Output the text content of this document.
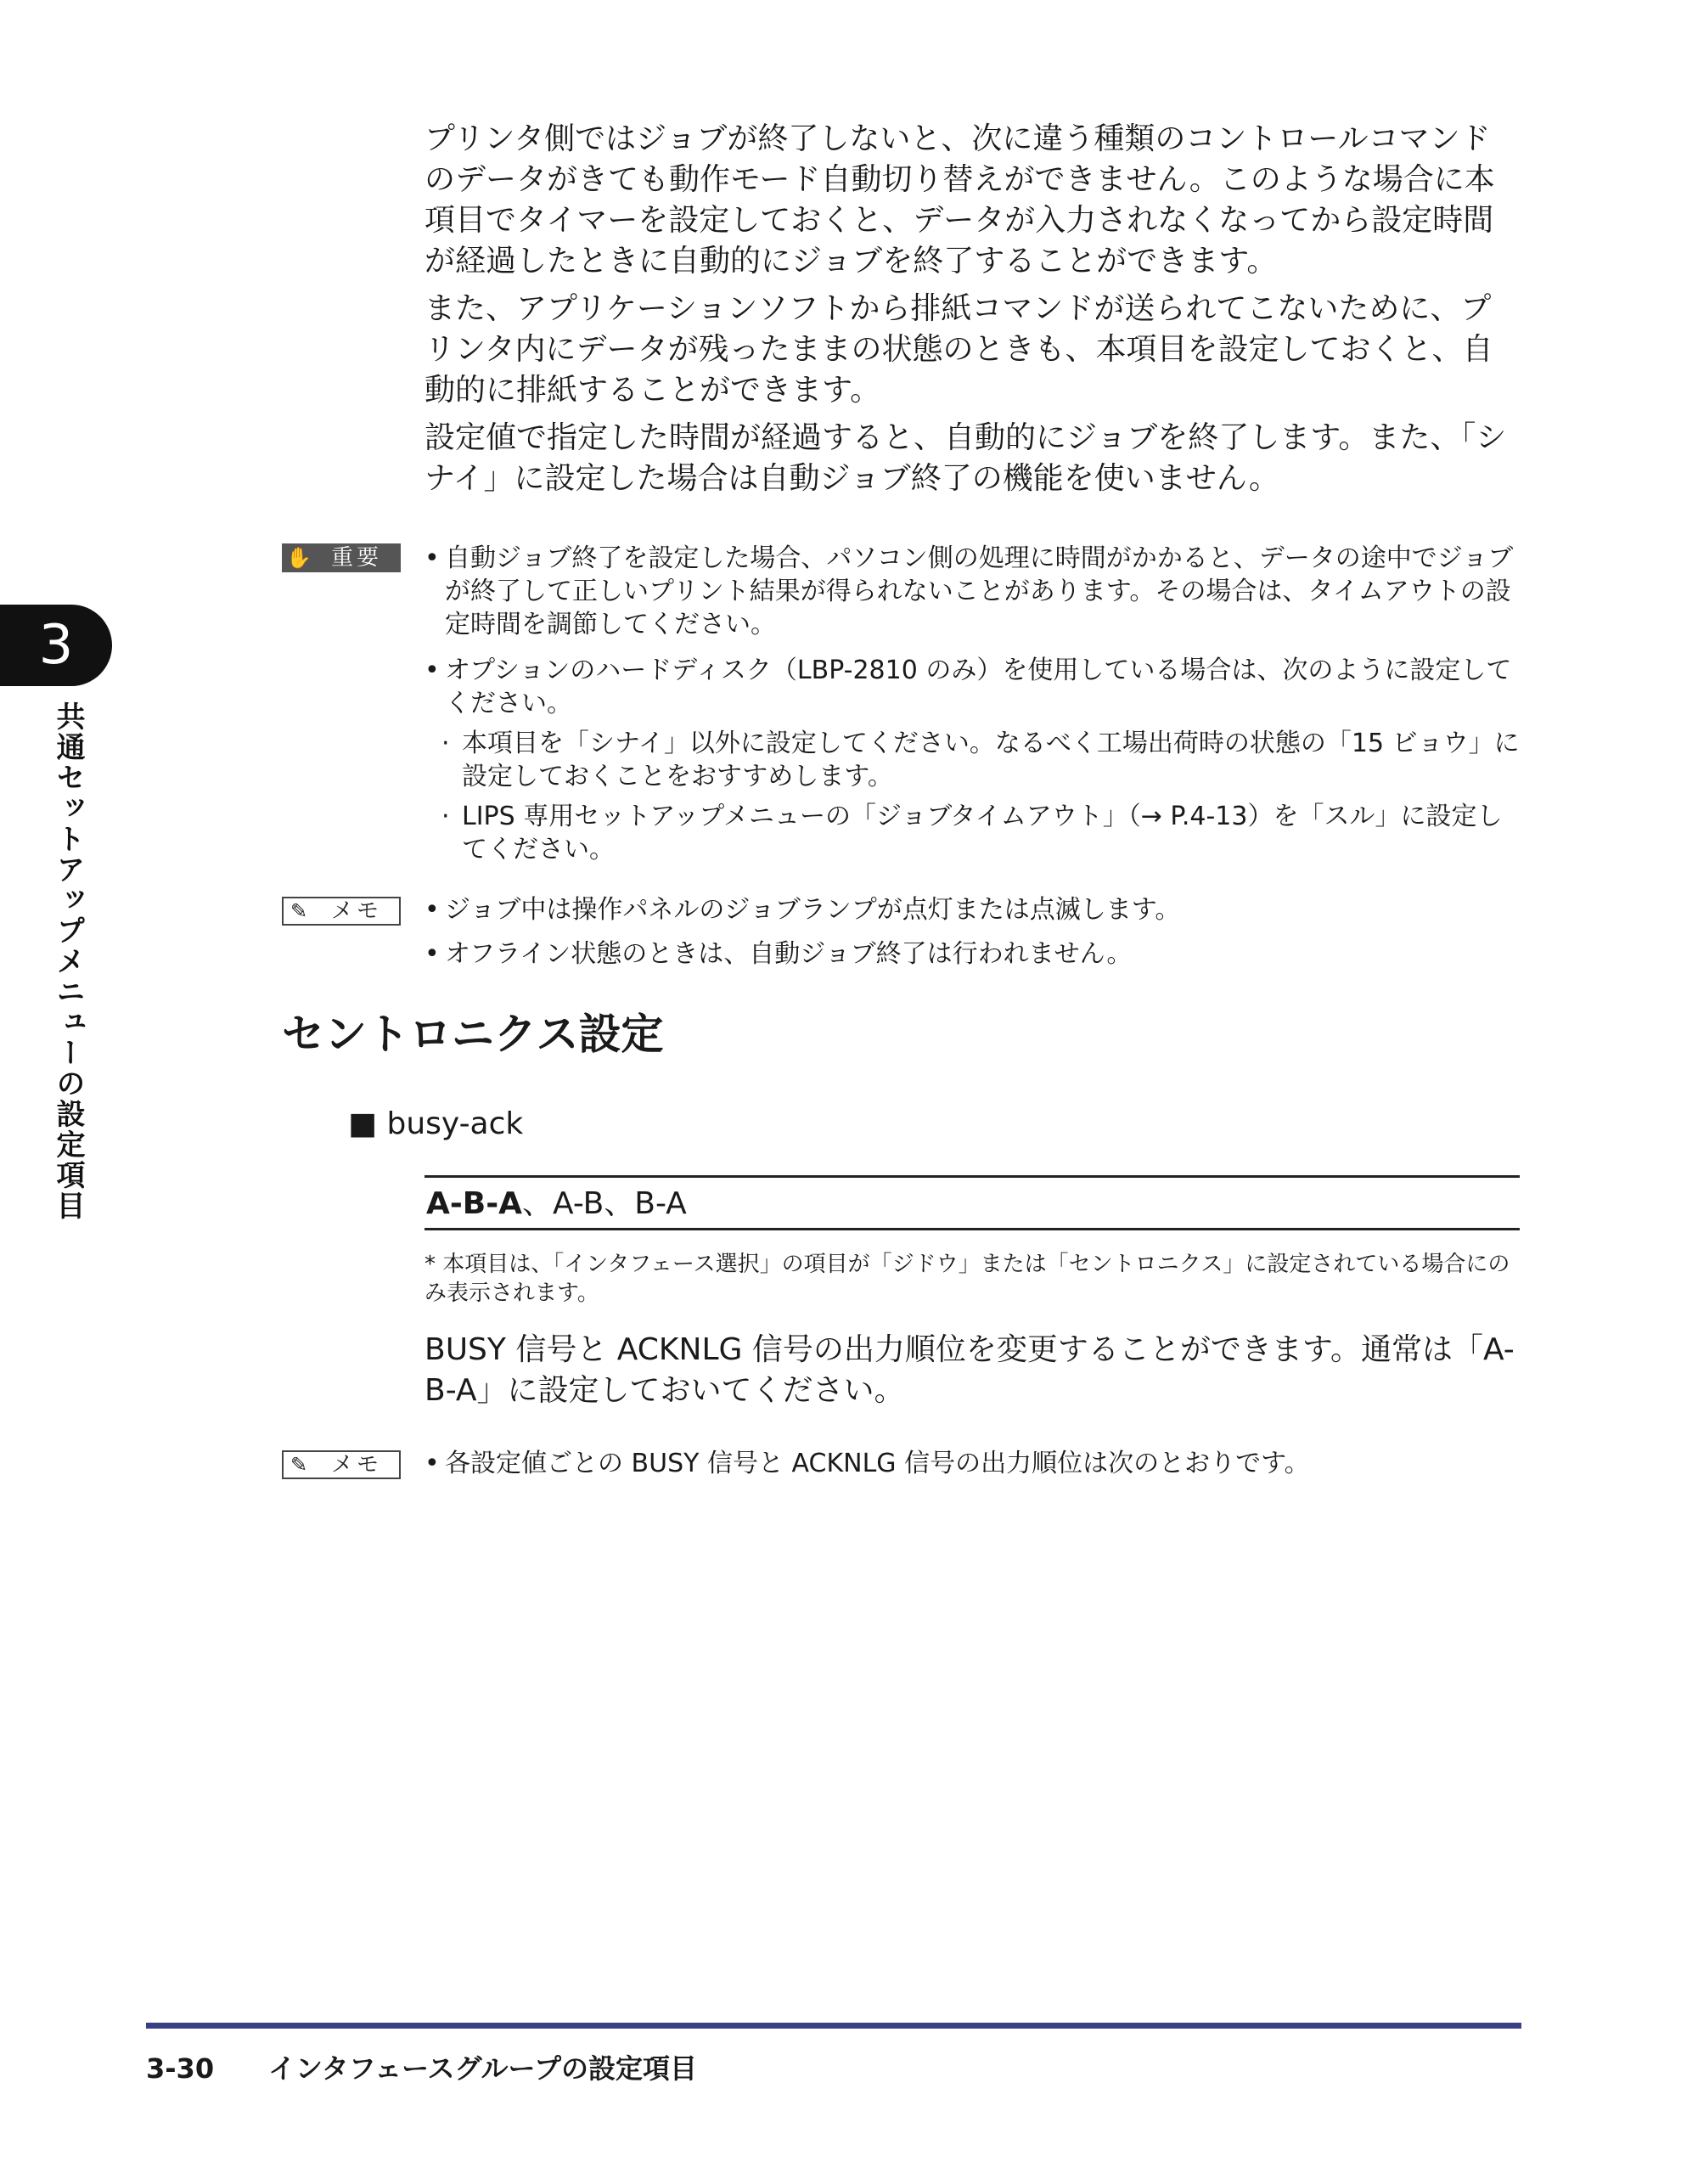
プリンタ側ではジョブが終了しないと、次に違う種類のコントロールコマンドのデータがきても動作モード自動切り替えができません。このような場合に本項目でタイマーを設定しておくと、データが入力されなくなってから設定時間が経過したときに自動的にジョブを終了することができます。

また、アプリケーションソフトから排紙コマンドが送られてこないために、プリンタ内にデータが残ったままの状態のときも、本項目を設定しておくと、自動的に排紙することができます。

設定値で指定した時間が経過すると、自動的にジョブを終了します。また、「シナイ」に設定した場合は自動ジョブ終了の機能を使いません。

✋ 重要	• 自動ジョブ終了を設定した場合、パソコン側の処理に時間がかかると、データの途中でジョブが終了して正しいプリント結果が得られないことがあります。その場合は、タイムアウトの設定時間を調節してください。
• オプションのハードディスク（LBP-2810 のみ）を使用している場合は、次のように設定してください。
· 本項目を「シナイ」以外に設定してください。なるべく工場出荷時の状態の「15 ビョウ」に設定しておくことをおすすめします。
· LIPS 専用セットアップメニューの「ジョブタイムアウト」（→ P.4-13）を「スル」に設定してください。
✎	メモ	• ジョブ中は操作パネルのジョブランプが点灯または点滅します。
• オフライン状態のときは、自動ジョブ終了は行われません。
セントロニクス設定
■ busy-ack
A-B-A、A-B、B-A

* 本項目は、「インタフェース選択」の項目が「ジドウ」または「セントロニクス」に設定されている場合にのみ表示されます。

BUSY 信号と ACKNLG 信号の出力順位を変更することができます。通常は「A-B-A」に設定しておいてください。

✎	メモ	• 各設定値ごとの BUSY 信号と ACKNLG 信号の出力順位は次のとおりです。
3
共通セットアップメニューの設定項目
3-30 インタフェースグループの設定項目
